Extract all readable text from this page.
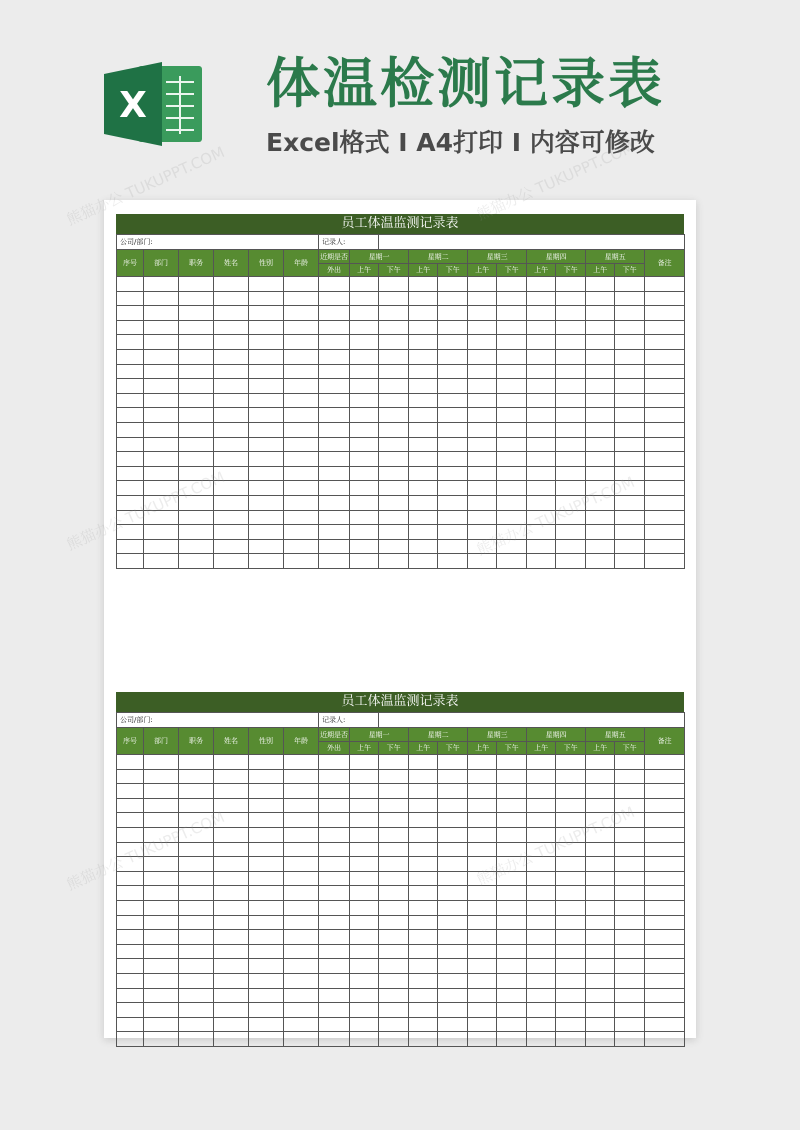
X 体温检测记录表
Excel格式 I A4打印 I 内容可修改
员工体温监测记录表
公司/部门:						记录人:											
序号	部门	职务	姓名	性别	年龄	近期是否	星期一		星期二		星期三		星期四		星期五		备注
						外出	上午	下午	上午	下午	上午	下午	上午	下午	上午	下午	

员工体温监测记录表
公司/部门:						记录人:											
序号	部门	职务	姓名	性别	年龄	近期是否	星期一		星期二		星期三		星期四		星期五		备注
						外出	上午	下午	上午	下午	上午	下午	上午	下午	上午	下午	

熊猫办公 TUKUPPT.COM	熊猫办公 TUKUPPT.COM
熊猫办公
熊猫办公
